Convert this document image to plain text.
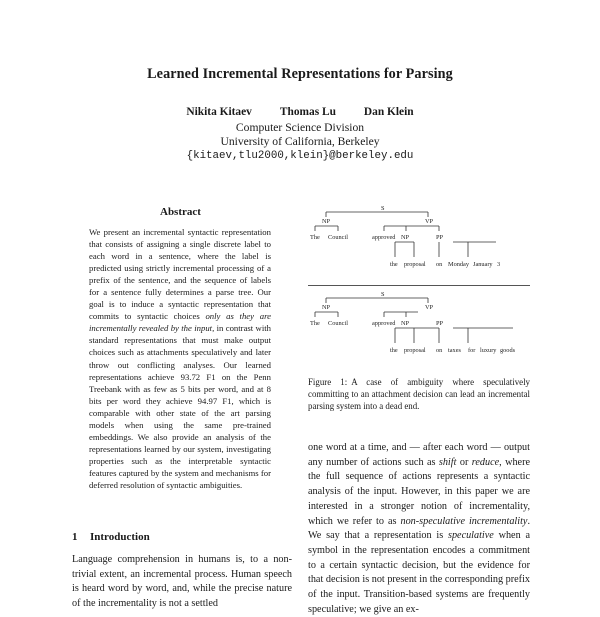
Learned Incremental Representations for Parsing
Nikita Kitaev Thomas Lu Dan Klein
Computer Science Division
University of California, Berkeley
{kitaev,tlu2000,klein}@berkeley.edu
Abstract
We present an incremental syntactic representation that consists of assigning a single discrete label to each word in a sentence, where the label is predicted using strictly incremental processing of a prefix of the sentence, and the sequence of labels for a sentence fully determines a parse tree. Our goal is to induce a syntactic representation that commits to syntactic choices only as they are incrementally revealed by the input, in contrast with standard representations that must make output choices such as attachments speculatively and later throw out conflicting analyses. Our learned representations achieve 93.72 F1 on the Penn Treebank with as few as 5 bits per word, and at 8 bits per word they achieve 94.97 F1, which is comparable with other state of the art parsing models when using the same pre-trained embeddings. We also provide an analysis of the representations learned by our system, investigating properties such as the interpretable syntactic features captured by the system and mechanisms for deferred resolution of syntactic ambiguities.
1 Introduction
Language comprehension in humans is, to a non-trivial extent, an incremental process. Human speech is heard word by word, and, while the precise nature of the incrementality is not a settled
S
NP	VP
The Council	approved NP	PP
the proposal on Monday January 3
S
NP	VP
The Council	approved NP	PP
the proposal on taxes for luxury goods
Figure 1: A case of ambiguity where speculatively committing to an attachment decision can lead an incremental parsing system into a dead end.
one word at a time, and — after each word — output any number of actions such as shift or reduce, where the full sequence of actions represents a syntactic analysis of the input. However, in this paper we are interested in a stronger notion of incrementality, which we refer to as non-speculative incrementality. We say that a representation is speculative when a symbol in the representation encodes a commitment to a certain syntactic decision, but the evidence for that decision is not present in the corresponding prefix of the input. Transition-based systems are frequently speculative; we give an ex-
